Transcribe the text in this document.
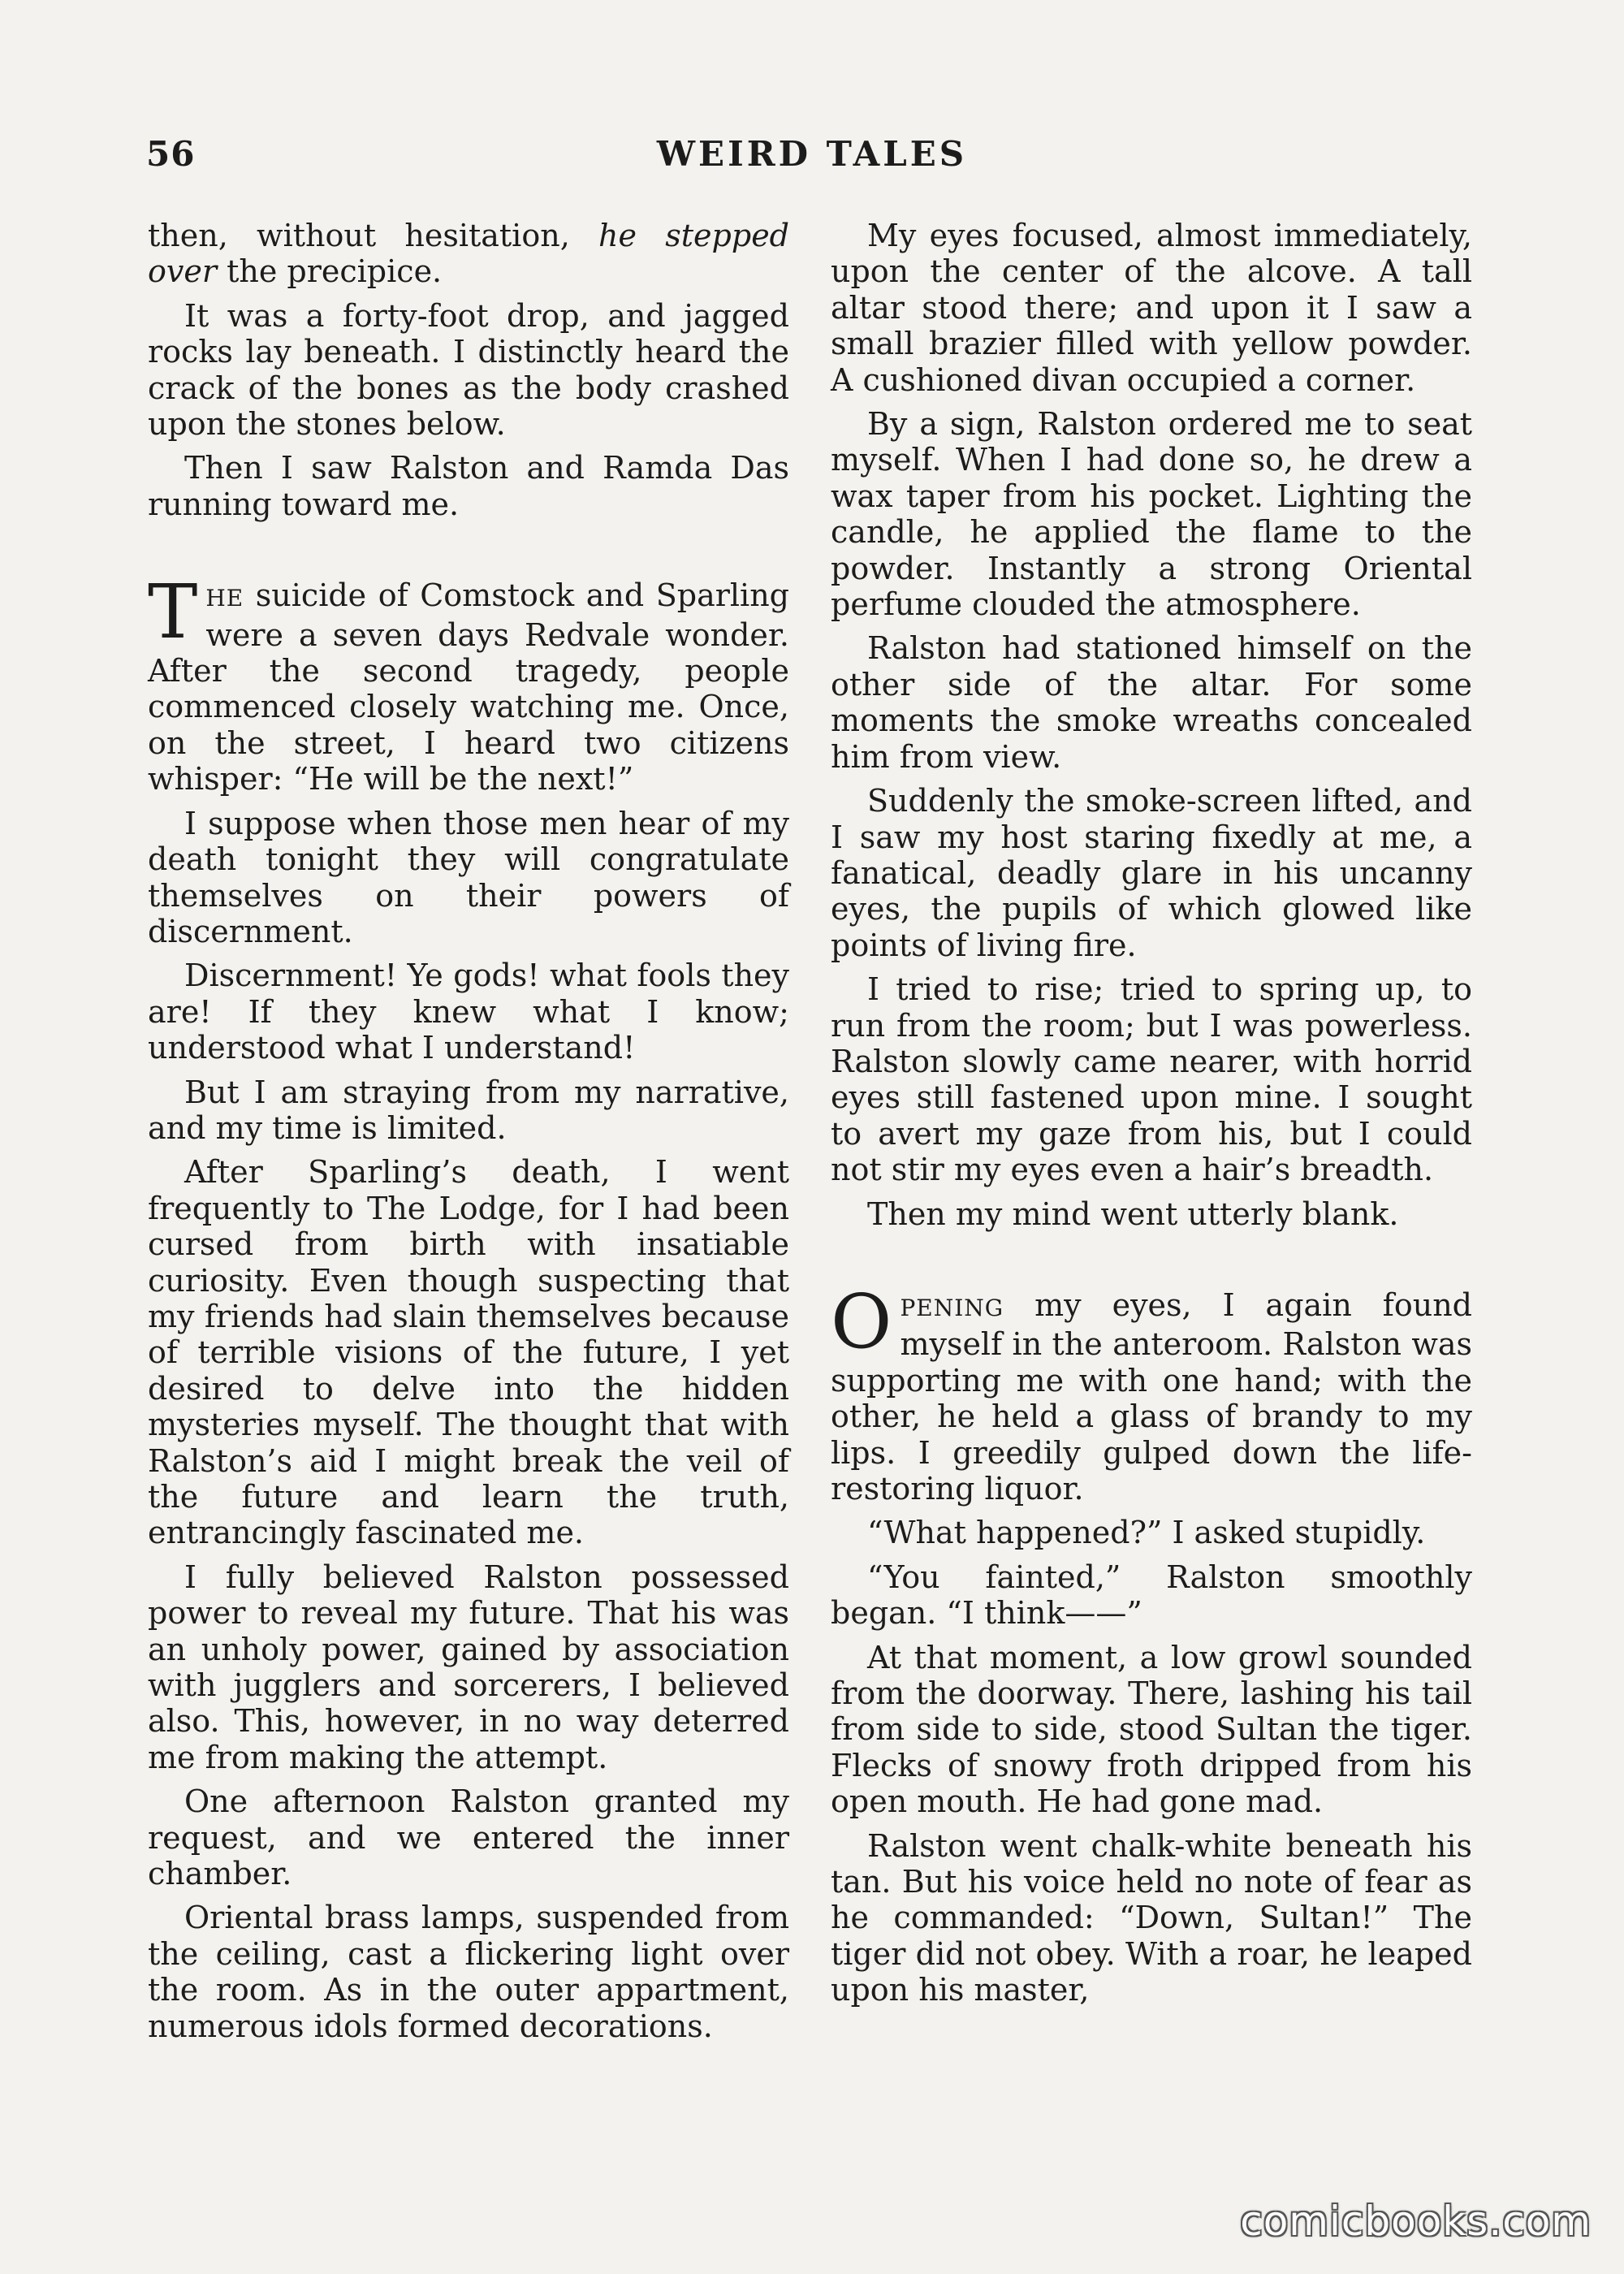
56	WEIRD TALES

then, without hesitation, he stepped over the precipice.

It was a forty-foot drop, and jagged rocks lay beneath. I distinctly heard the crack of the bones as the body crashed upon the stones below.

Then I saw Ralston and Ramda Das running toward me.

THE suicide of Comstock and Sparling were a seven days Redvale wonder. After the second tragedy, people commenced closely watching me. Once, on the street, I heard two citizens whisper: “He will be the next!”

I suppose when those men hear of my death tonight they will congratulate themselves on their powers of discernment.

Discernment! Ye gods! what fools they are! If they knew what I know; understood what I understand!

But I am straying from my narrative, and my time is limited.

After Sparling’s death, I went frequently to The Lodge, for I had been cursed from birth with insatiable curiosity. Even though suspecting that my friends had slain themselves because of terrible visions of the future, I yet desired to delve into the hidden mysteries myself. The thought that with Ralston’s aid I might break the veil of the future and learn the truth, entrancingly fascinated me.

I fully believed Ralston possessed power to reveal my future. That his was an unholy power, gained by association with jugglers and sorcerers, I believed also. This, however, in no way deterred me from making the attempt.

One afternoon Ralston granted my request, and we entered the inner chamber.

Oriental brass lamps, suspended from the ceiling, cast a flickering light over the room. As in the outer appartment, numerous idols formed decorations.

My eyes focused, almost immediately, upon the center of the alcove. A tall altar stood there; and upon it I saw a small brazier filled with yellow powder. A cushioned divan occupied a corner.

By a sign, Ralston ordered me to seat myself. When I had done so, he drew a wax taper from his pocket. Lighting the candle, he applied the flame to the powder. Instantly a strong Oriental perfume clouded the atmosphere.

Ralston had stationed himself on the other side of the altar. For some moments the smoke wreaths concealed him from view.

Suddenly the smoke-screen lifted, and I saw my host staring fixedly at me, a fanatical, deadly glare in his uncanny eyes, the pupils of which glowed like points of living fire.

I tried to rise; tried to spring up, to run from the room; but I was powerless. Ralston slowly came nearer, with horrid eyes still fastened upon mine. I sought to avert my gaze from his, but I could not stir my eyes even a hair’s breadth.

Then my mind went utterly blank.

OPENING my eyes, I again found myself in the anteroom. Ralston was supporting me with one hand; with the other, he held a glass of brandy to my lips. I greedily gulped down the life-restoring liquor.

“What happened?” I asked stupidly.

“You fainted,” Ralston smoothly began. “I think——”

At that moment, a low growl sounded from the doorway. There, lashing his tail from side to side, stood Sultan the tiger. Flecks of snowy froth dripped from his open mouth. He had gone mad.

Ralston went chalk-white beneath his tan. But his voice held no note of fear as he commanded: “Down, Sultan!” The tiger did not obey. With a roar, he leaped upon his master,

comicbooks.com
